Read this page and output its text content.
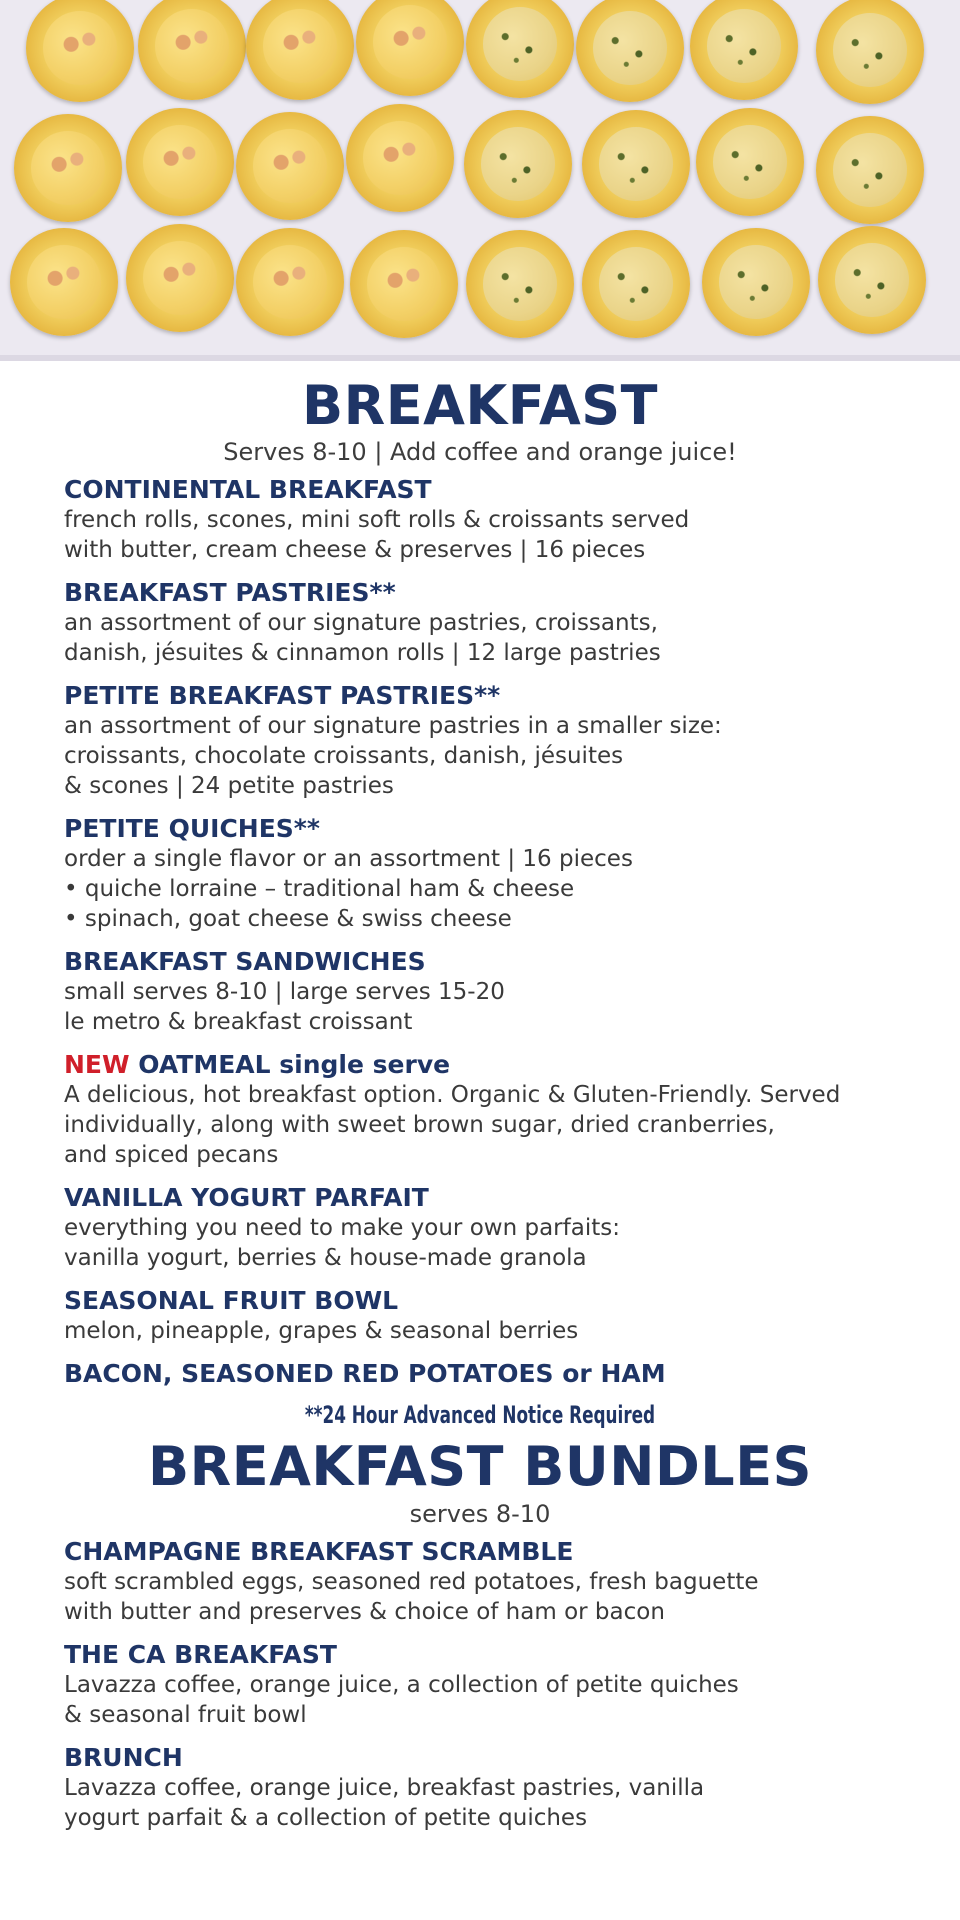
BREAKFAST

Serves 8-10 | Add coffee and orange juice!

CONTINENTAL BREAKFAST

french rolls, scones, mini soft rolls & croissants served
with butter, cream cheese & preserves | 16 pieces

BREAKFAST PASTRIES**

an assortment of our signature pastries, croissants,
danish, jésuites & cinnamon rolls | 12 large pastries

PETITE BREAKFAST PASTRIES**

an assortment of our signature pastries in a smaller size:
croissants, chocolate croissants, danish, jésuites
& scones | 24 petite pastries

PETITE QUICHES**

order a single flavor or an assortment | 16 pieces
• quiche lorraine – traditional ham & cheese
• spinach, goat cheese & swiss cheese

BREAKFAST SANDWICHES

small serves 8-10 | large serves 15-20
le metro & breakfast croissant

NEW OATMEAL single serve

A delicious, hot breakfast option. Organic & Gluten-Friendly. Served
individually, along with sweet brown sugar, dried cranberries,
and spiced pecans

VANILLA YOGURT PARFAIT

everything you need to make your own parfaits:
vanilla yogurt, berries & house-made granola

SEASONAL FRUIT BOWL

melon, pineapple, grapes & seasonal berries

BACON, SEASONED RED POTATOES or HAM

**24 Hour Advanced Notice Required

BREAKFAST BUNDLES

serves 8-10

CHAMPAGNE BREAKFAST SCRAMBLE

soft scrambled eggs, seasoned red potatoes, fresh baguette
with butter and preserves & choice of ham or bacon

THE CA BREAKFAST

Lavazza coffee, orange juice, a collection of petite quiches
& seasonal fruit bowl

BRUNCH

Lavazza coffee, orange juice, breakfast pastries, vanilla
yogurt parfait & a collection of petite quiches
